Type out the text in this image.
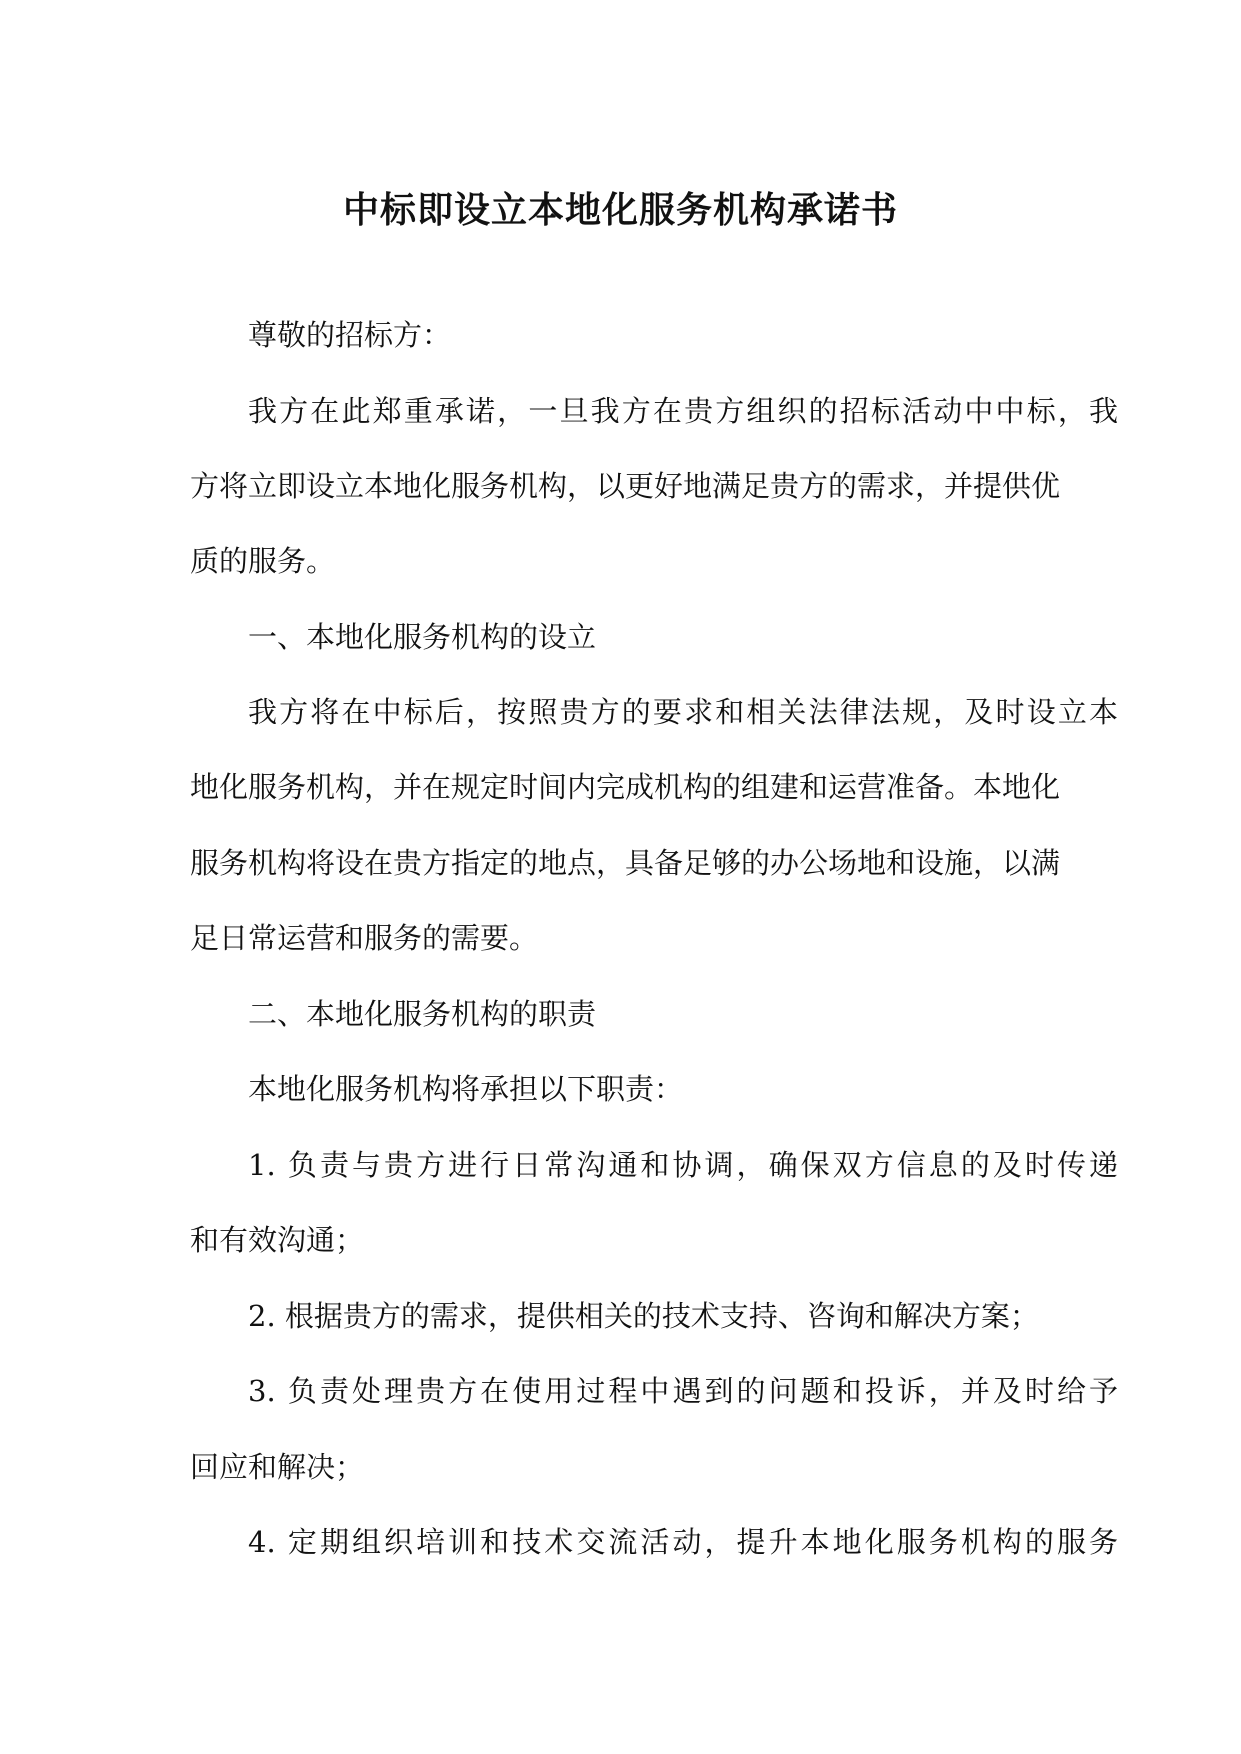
中标即设立本地化服务机构承诺书

尊敬的招标方：

我方在此郑重承诺，一旦我方在贵方组织的招标活动中中标，我

方将立即设立本地化服务机构，以更好地满足贵方的需求，并提供优

质的服务。

一、本地化服务机构的设立

我方将在中标后，按照贵方的要求和相关法律法规，及时设立本

地化服务机构，并在规定时间内完成机构的组建和运营准备。本地化

服务机构将设在贵方指定的地点，具备足够的办公场地和设施，以满

足日常运营和服务的需要。

二、本地化服务机构的职责

本地化服务机构将承担以下职责：

1. 负责与贵方进行日常沟通和协调，确保双方信息的及时传递

和有效沟通；

2. 根据贵方的需求，提供相关的技术支持、咨询和解决方案；

3. 负责处理贵方在使用过程中遇到的问题和投诉，并及时给予

回应和解决；

4. 定期组织培训和技术交流活动，提升本地化服务机构的服务
